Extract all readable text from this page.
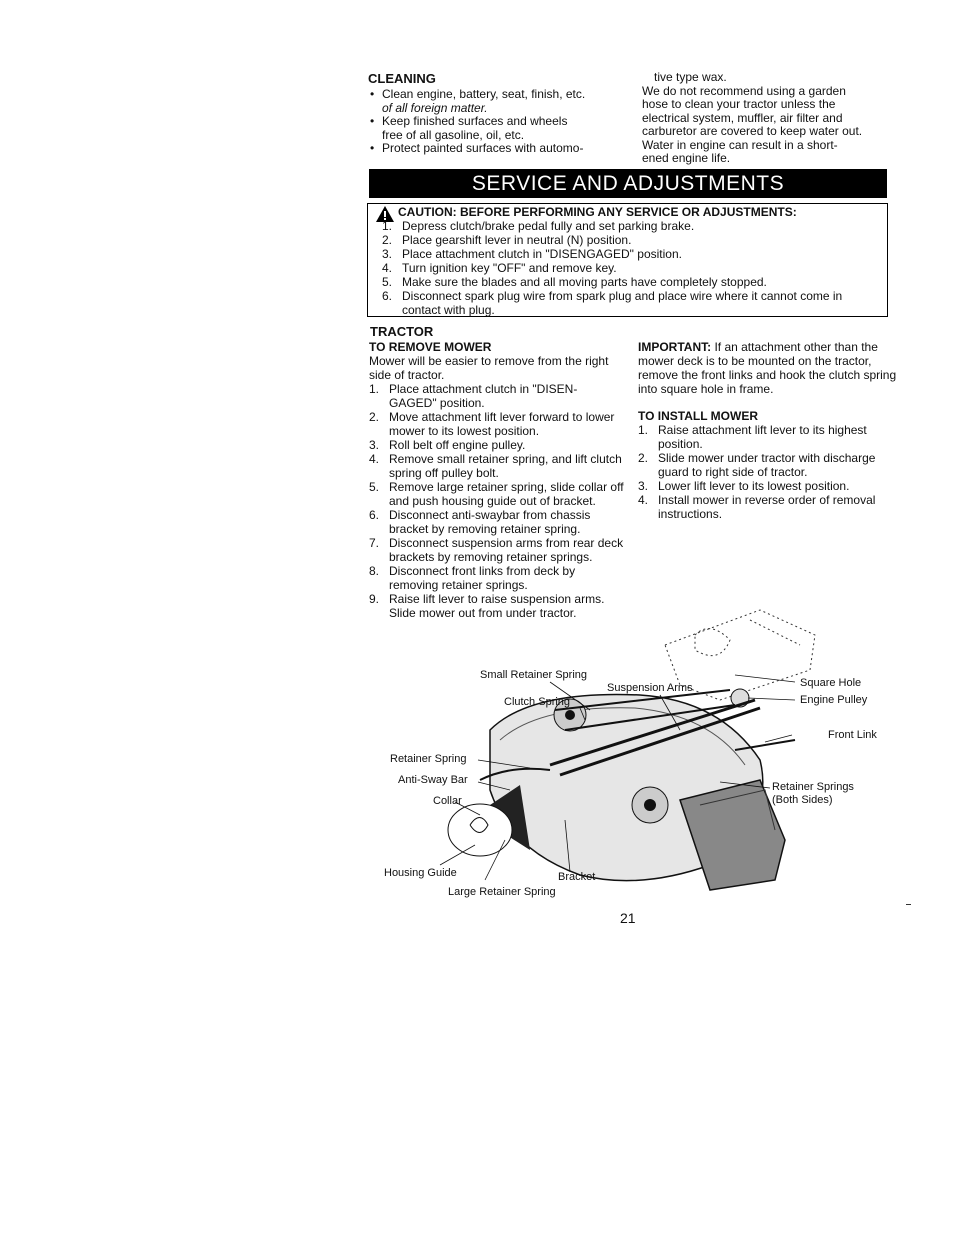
CLEANING
• Clean engine, battery, seat, finish, etc.
of all foreign matter.
• Keep finished surfaces and wheels
free of all gasoline, oil, etc.
• Protect painted surfaces with automo-
tive type wax.
We do not recommend using a garden
hose to clean your tractor unless the
electrical system, muffler, air filter and
carburetor are covered to keep water out.
Water in engine can result in a short-
ened engine life.
SERVICE AND ADJUSTMENTS
CAUTION: BEFORE PERFORMING ANY SERVICE OR ADJUSTMENTS:
1. Depress clutch/brake pedal fully and set parking brake.
2. Place gearshift lever in neutral (N) position.
3. Place attachment clutch in "DISENGAGED" position.
4. Turn ignition key "OFF" and remove key.
5. Make sure the blades and all moving parts have completely stopped.
6. Disconnect spark plug wire from spark plug and place wire where it cannot come in contact with plug.
TRACTOR
TO REMOVE MOWER

Mower will be easier to remove from the right side of tractor.

1. Place attachment clutch in "DISEN-GAGED" position.
2. Move attachment lift lever forward to lower mower to its lowest position.
3. Roll belt off engine pulley.
4. Remove small retainer spring, and lift clutch spring off pulley bolt.
5. Remove large retainer spring, slide collar off and push housing guide out of bracket.
6. Disconnect anti-swaybar from chassis bracket by removing retainer spring.
7. Disconnect suspension arms from rear deck brackets by removing retainer springs.
8. Disconnect front links from deck by removing retainer springs.
9. Raise lift lever to raise suspension arms. Slide mower out from under tractor.

IMPORTANT: If an attachment other than the mower deck is to be mounted on the tractor, remove the front links and hook the clutch spring into square hole in frame.

TO INSTALL MOWER
1. Raise attachment lift lever to its highest position.
2. Slide mower under tractor with discharge guard to right side of tractor.
3. Lower lift lever to its lowest position.
4. Install mower in reverse order of removal instructions.
Small Retainer Spring
Suspension Arms
Clutch Spring
Square Hole
Engine Pulley
Front Link
Retainer Spring
Anti-Sway Bar
Collar
Retainer Springs
(Both Sides)
Housing Guide	Bracket
Large Retainer Spring
21
